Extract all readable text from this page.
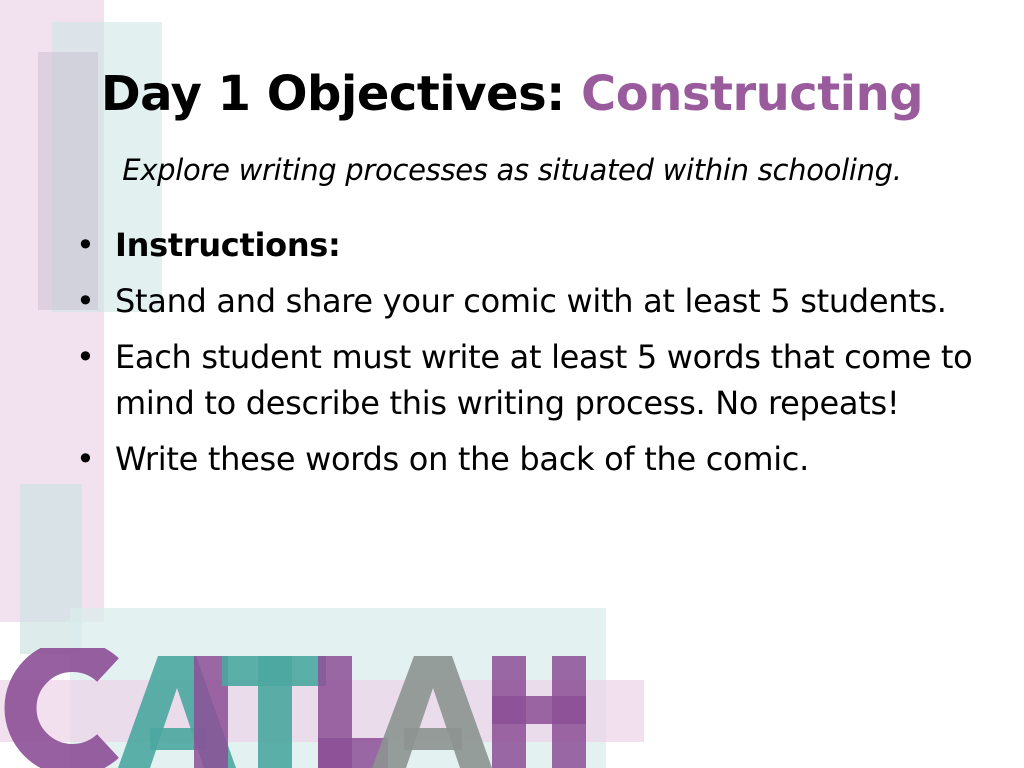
Day 1 Objectives: Constructing

Explore writing processes as situated within schooling.

• Instructions:
• Stand and share your comic with at least 5 students.
• Each student must write at least 5 words that come to mind to describe this writing process. No repeats!
• Write these words on the back of the comic.
